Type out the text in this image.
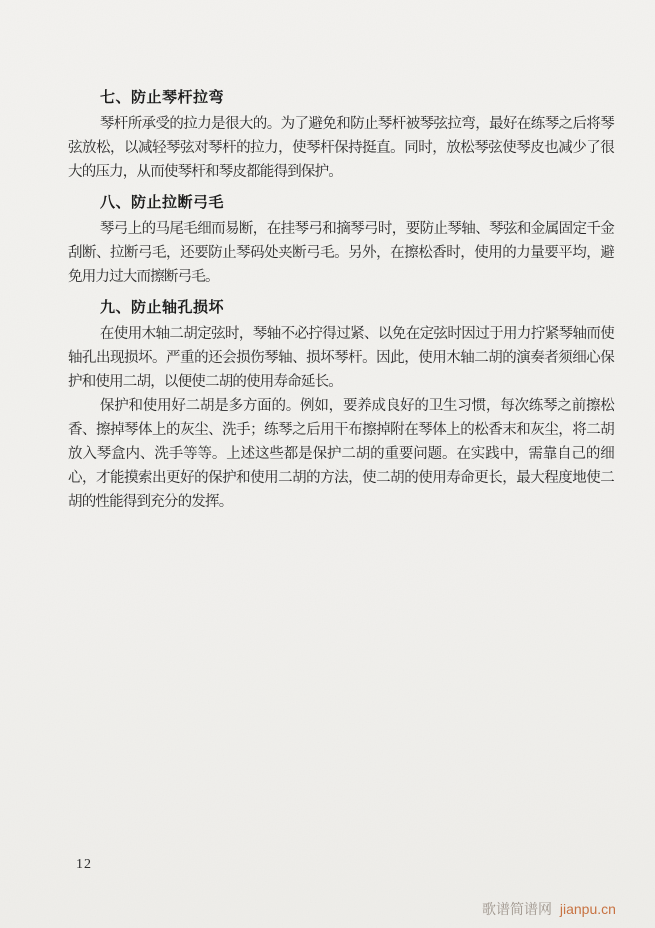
七、防止琴杆拉弯

琴杆所承受的拉力是很大的。为了避免和防止琴杆被琴弦拉弯，最好在练琴之后将琴弦放松，以减轻琴弦对琴杆的拉力，使琴杆保持挺直。同时，放松琴弦使琴皮也减少了很大的压力，从而使琴杆和琴皮都能得到保护。

八、防止拉断弓毛

琴弓上的马尾毛细而易断，在挂琴弓和摘琴弓时，要防止琴轴、琴弦和金属固定千金刮断、拉断弓毛，还要防止琴码处夹断弓毛。另外，在擦松香时，使用的力量要平均，避免用力过大而擦断弓毛。

九、防止轴孔损坏

在使用木轴二胡定弦时，琴轴不必拧得过紧、以免在定弦时因过于用力拧紧琴轴而使轴孔出现损坏。严重的还会损伤琴轴、损坏琴杆。因此，使用木轴二胡的演奏者须细心保护和使用二胡，以便使二胡的使用寿命延长。

保护和使用好二胡是多方面的。例如，要养成良好的卫生习惯，每次练琴之前擦松香、擦掉琴体上的灰尘、洗手；练琴之后用干布擦掉附在琴体上的松香末和灰尘，将二胡放入琴盒内、洗手等等。上述这些都是保护二胡的重要问题。在实践中，需靠自己的细心，才能摸索出更好的保护和使用二胡的方法，使二胡的使用寿命更长，最大程度地使二胡的性能得到充分的发挥。

12
歌谱简谱网 jianpu.cn
